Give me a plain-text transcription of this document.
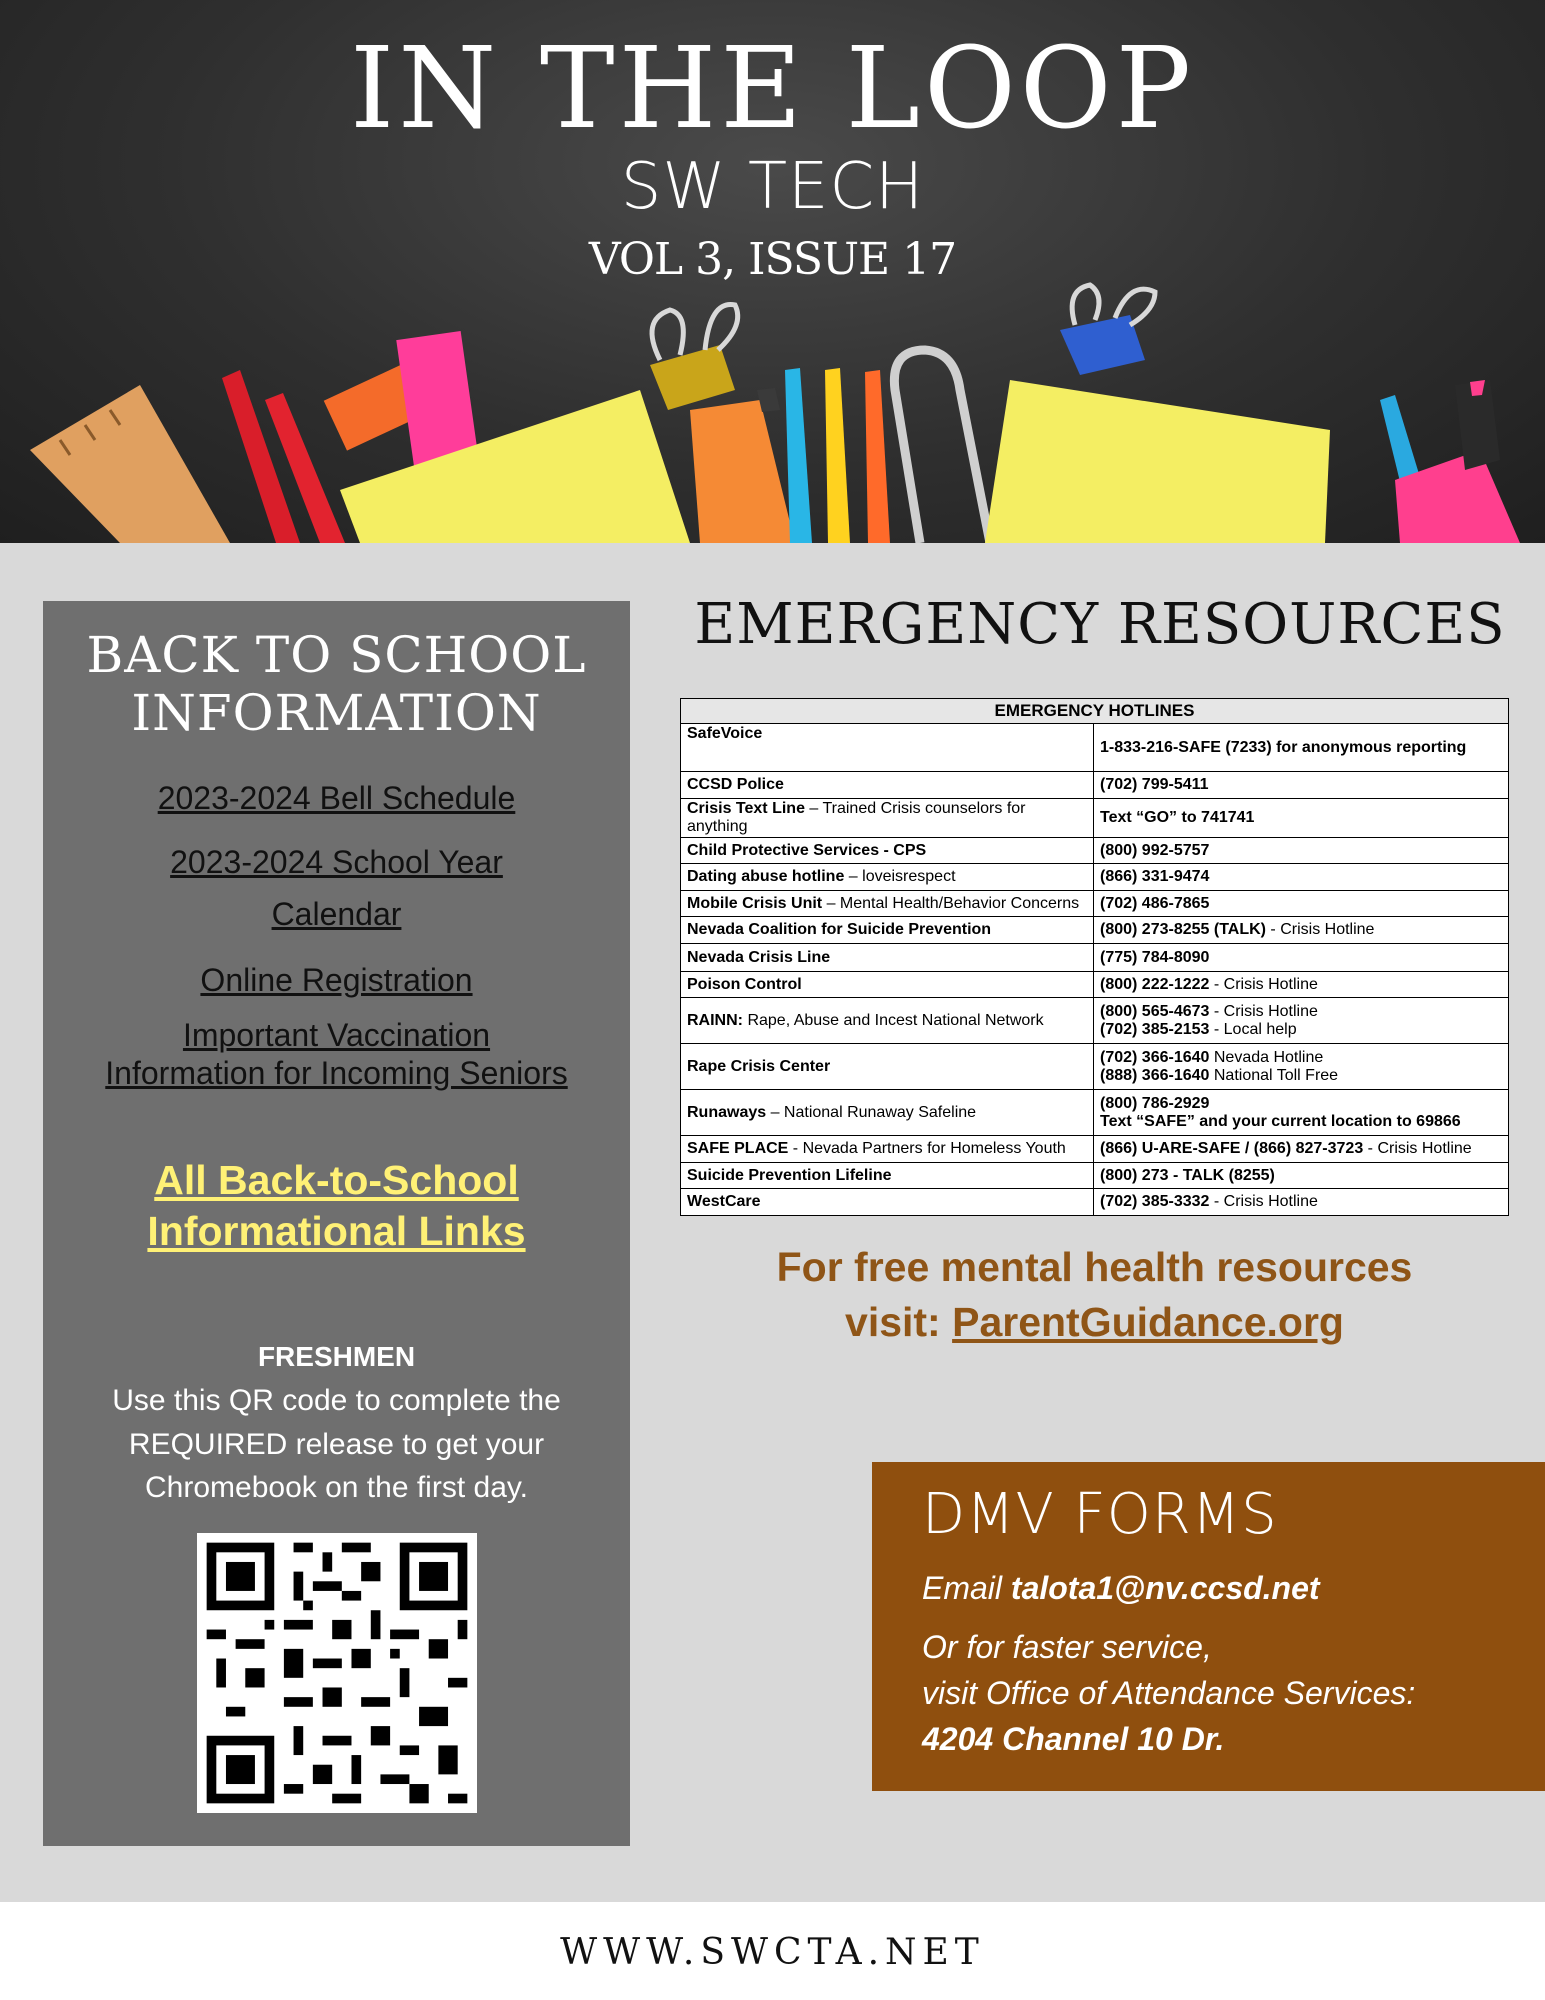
IN THE LOOP
SW TECH
VOL 3, ISSUE 17
BACK TO SCHOOL
INFORMATION
2023-2024 Bell Schedule
2023-2024 School Year
Calendar
Online Registration
Important Vaccination
Information for Incoming Seniors
All Back-to-School
Informational Links
FRESHMEN
Use this QR code to complete the REQUIRED release to get your Chromebook on the first day.
EMERGENCY RESOURCES
EMERGENCY HOTLINES	
SafeVoice	1-833-216-SAFE (7233) for anonymous reporting

CCSD Police	(702) 799-5411

Crisis Text Line – Trained Crisis counselors for anything	Text “GO” to 741741

Child Protective Services - CPS	(800) 992-5757

Dating abuse hotline – loveisrespect	(866) 331-9474

Mobile Crisis Unit – Mental Health/Behavior Concerns	(702) 486-7865

Nevada Coalition for Suicide Prevention	(800) 273-8255 (TALK) - Crisis Hotline

Nevada Crisis Line	(775) 784-8090

Poison Control	(800) 222-1222 - Crisis Hotline

RAINN: Rape, Abuse and Incest National Network	(800) 565-4673 - Crisis Hotline
(702) 385-2153 - Local help

Rape Crisis Center	(702) 366-1640 Nevada Hotline
(888) 366-1640 National Toll Free

Runaways – National Runaway Safeline	(800) 786-2929
Text “SAFE” and your current location to 69866

SAFE PLACE - Nevada Partners for Homeless Youth	(866) U-ARE-SAFE / (866) 827-3723 - Crisis Hotline

Suicide Prevention Lifeline	(800) 273 - TALK (8255)

WestCare	(702) 385-3332 - Crisis Hotline
For free mental health resources
visit: ParentGuidance.org
DMV FORMS
Email talota1@nv.ccsd.net
Or for faster service,
visit Office of Attendance Services:
4204 Channel 10 Dr.
WWW.SWCTA.NET
